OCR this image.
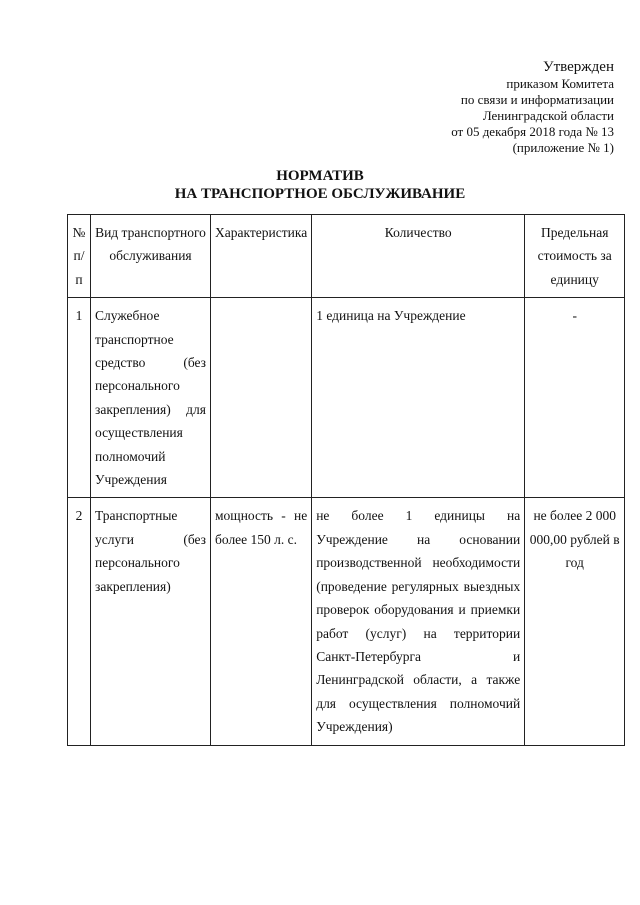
Утвержден
приказом Комитета
по связи и информатизации
Ленинградской области
от 05 декабря 2018 года № 13
(приложение № 1)
НОРМАТИВ
НА ТРАНСПОРТНОЕ ОБСЛУЖИВАНИЕ
№ п/п	Вид транспортного обслуживания	Характеристика	Количество	Предельная стоимость за единицу
1	Служебное транспортное средство (без персонального закрепления) для осуществления полномочий Учреждения		1 единица на Учреждение	-
2	Транспортные услуги (без персонального закрепления)	мощность - не более 150 л. с.	не более 1 единицы на Учреждение на основании производственной необходимости (проведение регулярных выездных проверок оборудования и приемки работ (услуг) на территории Санкт-Петербурга и Ленинградской области, а также для осуществления полномочий Учреждения)	не более 2 000 000,00 рублей в год
